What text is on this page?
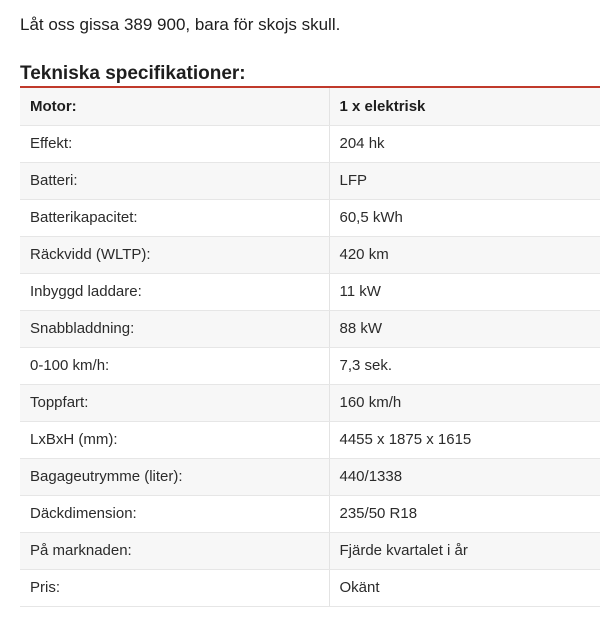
Låt oss gissa 389 900, bara för skojs skull.

Tekniska specifikationer:
Motor:	1 x elektrisk
Effekt:	204 hk
Batteri:	LFP
Batterikapacitet:	60,5 kWh
Räckvidd (WLTP):	420 km
Inbyggd laddare:	11 kW
Snabbladdning:	88 kW
0-100 km/h:	7,3 sek.
Toppfart:	160 km/h
LxBxH (mm):	4455 x 1875 x 1615
Bagageutrymme (liter):	440/1338
Däckdimension:	235/50 R18
På marknaden:	Fjärde kvartalet i år
Pris:	Okänt
